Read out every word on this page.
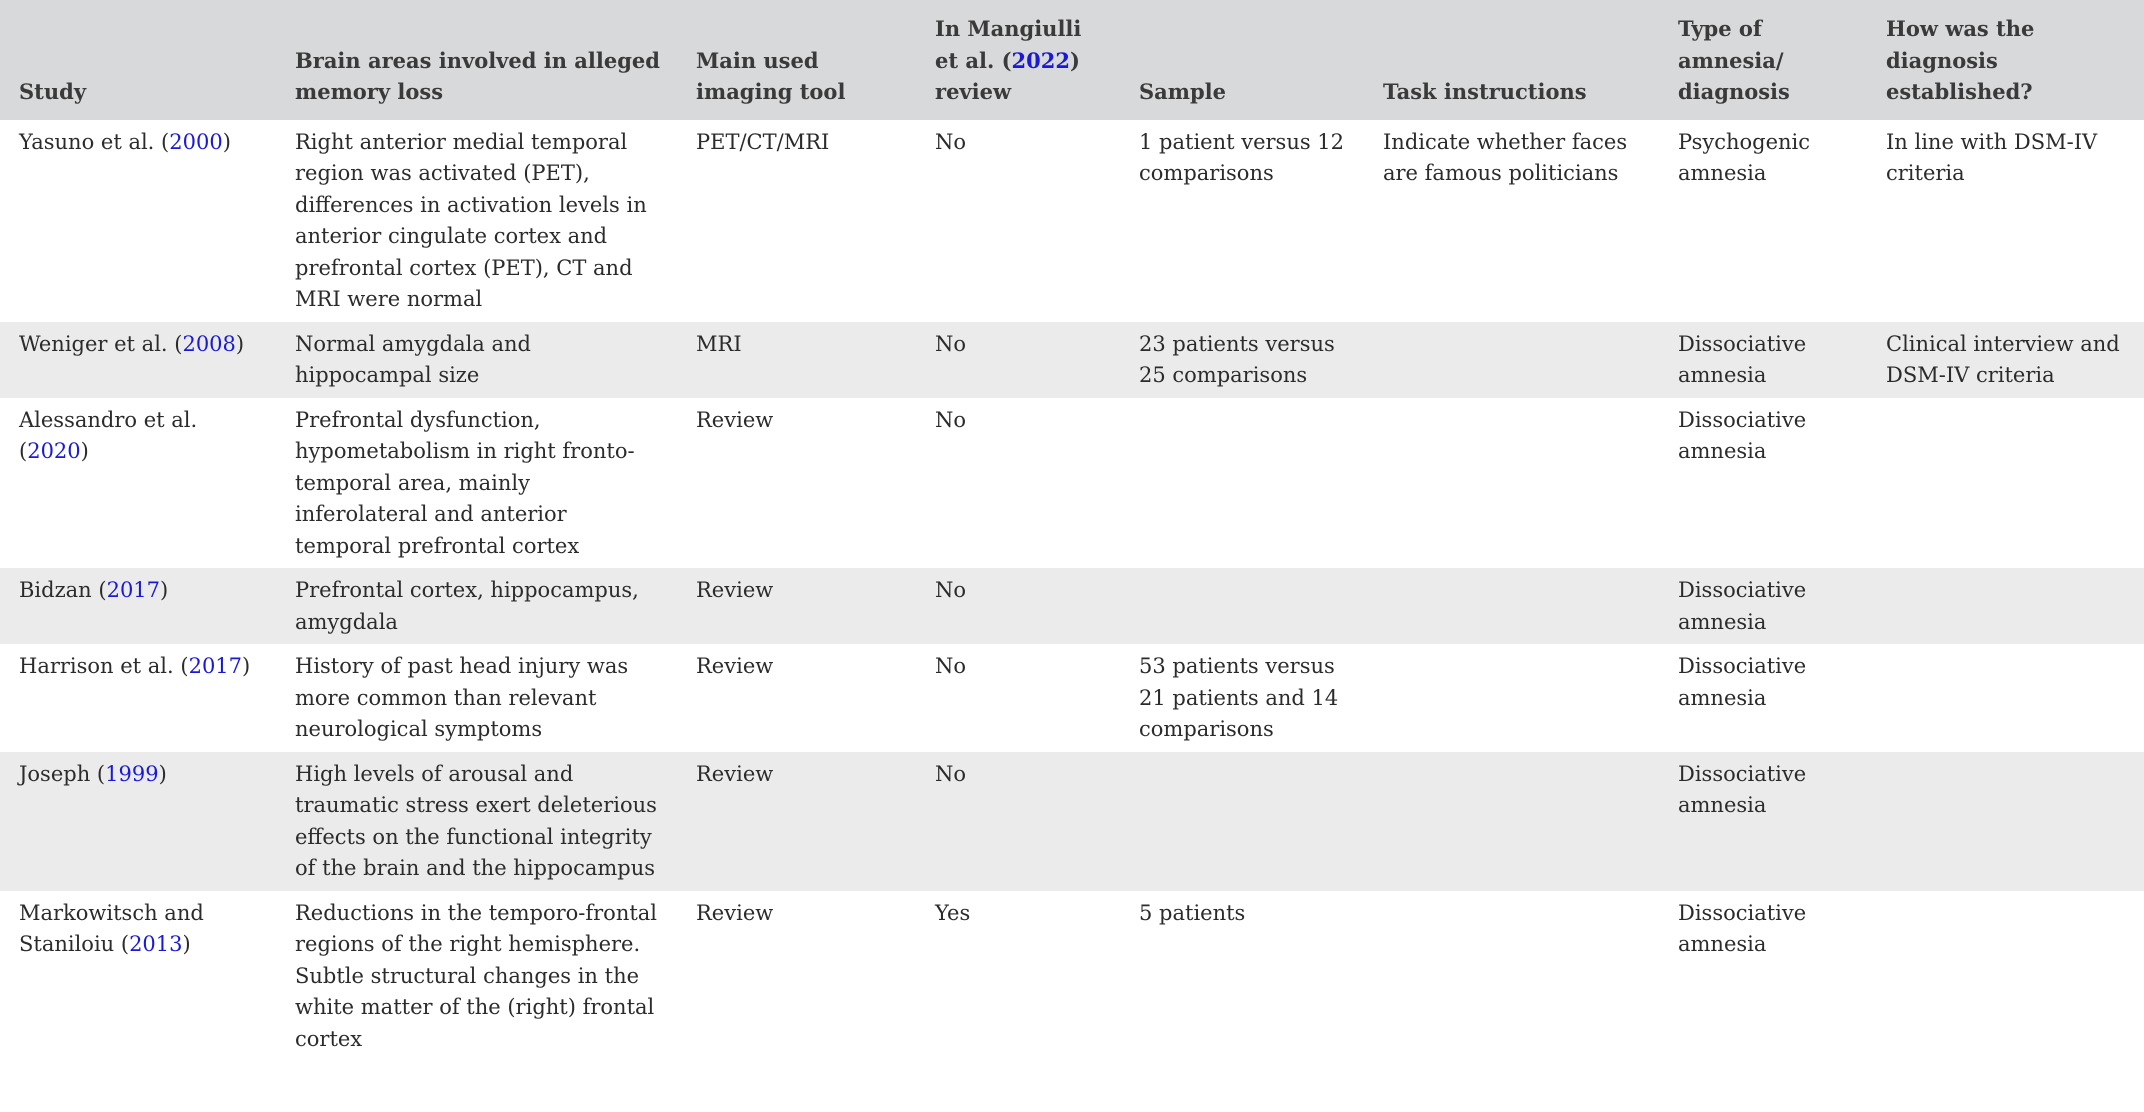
Study	Brain areas involved in alleged memory loss	Main used imaging tool	In Mangiulli et al. (2022) review	Sample	Task instructions	Type of amnesia/ diagnosis	How was the diagnosis established?
Yasuno et al. (2000)	Right anterior medial temporal region was activated (PET), differences in activation levels in anterior cingulate cortex and prefrontal cortex (PET), CT and MRI were normal	PET/CT/MRI	No	1 patient versus 12 comparisons	Indicate whether faces are famous politicians	Psychogenic amnesia	In line with DSM-IV criteria
Weniger et al. (2008)	Normal amygdala and hippocampal size	MRI	No	23 patients versus 25 comparisons		Dissociative amnesia	Clinical interview and DSM-IV criteria
Alessandro et al. (2020)	Prefrontal dysfunction, hypometabolism in right fronto-temporal area, mainly inferolateral and anterior temporal prefrontal cortex	Review	No			Dissociative amnesia	
Bidzan (2017)	Prefrontal cortex, hippocampus, amygdala	Review	No			Dissociative amnesia	
Harrison et al. (2017)	History of past head injury was more common than relevant neurological symptoms	Review	No	53 patients versus 21 patients and 14 comparisons		Dissociative amnesia	
Joseph (1999)	High levels of arousal and traumatic stress exert deleterious effects on the functional integrity of the brain and the hippocampus	Review	No			Dissociative amnesia	
Markowitsch and Staniloiu (2013)	Reductions in the temporo-frontal regions of the right hemisphere. Subtle structural changes in the white matter of the (right) frontal cortex	Review	Yes	5 patients		Dissociative amnesia	
